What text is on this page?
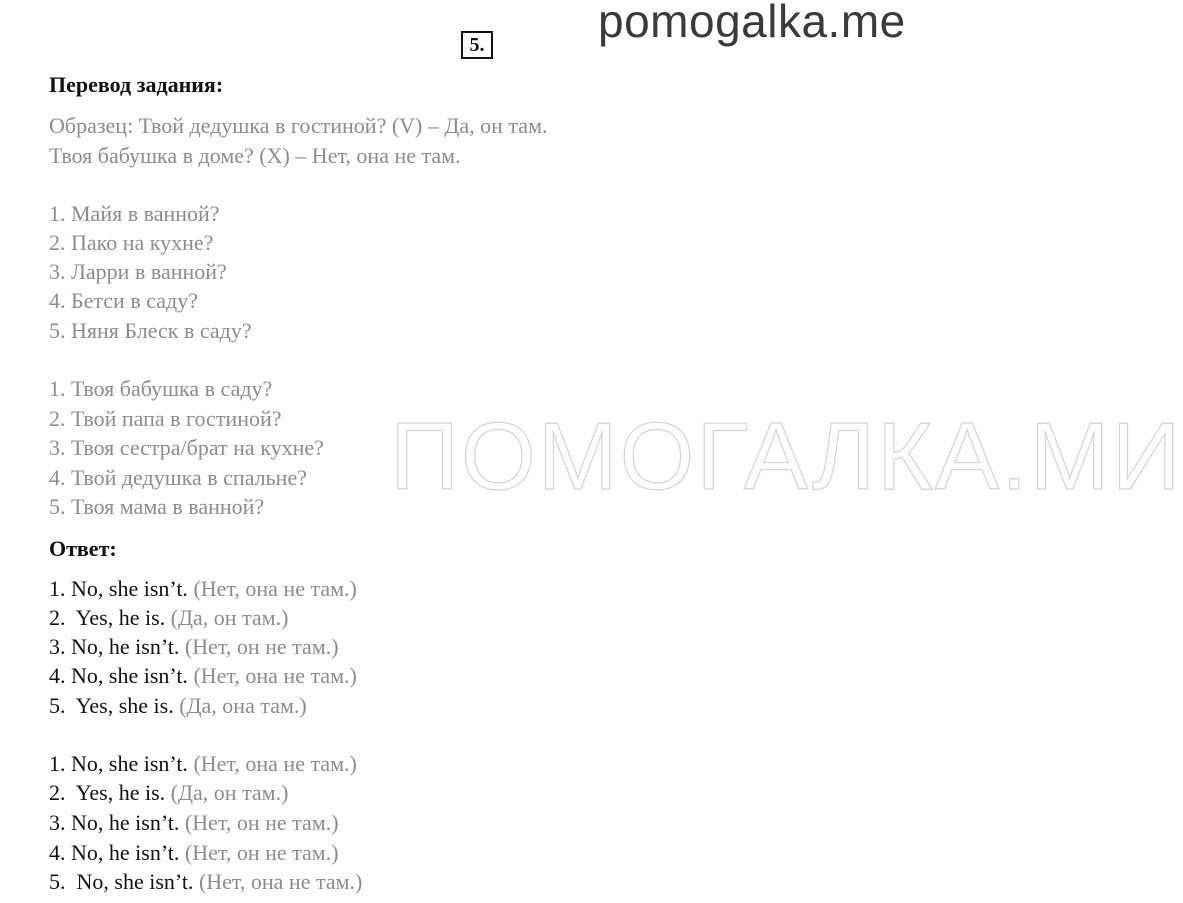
pomogalka.me
5.
Перевод задания:
Образец: Твой дедушка в гостиной? (V) – Да, он там.
Твоя бабушка в доме? (X) – Нет, она не там.
1. Майя в ванной?
2. Пако на кухне?
3. Ларри в ванной?
4. Бетси в саду?
5. Няня Блеск в саду?
1. Твоя бабушка в саду?
2. Твой папа в гостиной?
3. Твоя сестра/брат на кухне?
4. Твой дедушка в спальне?
5. Твоя мама в ванной? ПОМОГАЛКА.МИ
Ответ:
1. No, she isn’t. (Нет, она не там.)
2. Yes, he is. (Да, он там.)
3. No, he isn’t. (Нет, он не там.)
4. No, she isn’t. (Нет, она не там.)
5. Yes, she is. (Да, она там.)
1. No, she isn’t. (Нет, она не там.)
2. Yes, he is. (Да, он там.)
3. No, he isn’t. (Нет, он не там.)
4. No, he isn’t. (Нет, он не там.)
5. No, she isn’t. (Нет, она не там.)
